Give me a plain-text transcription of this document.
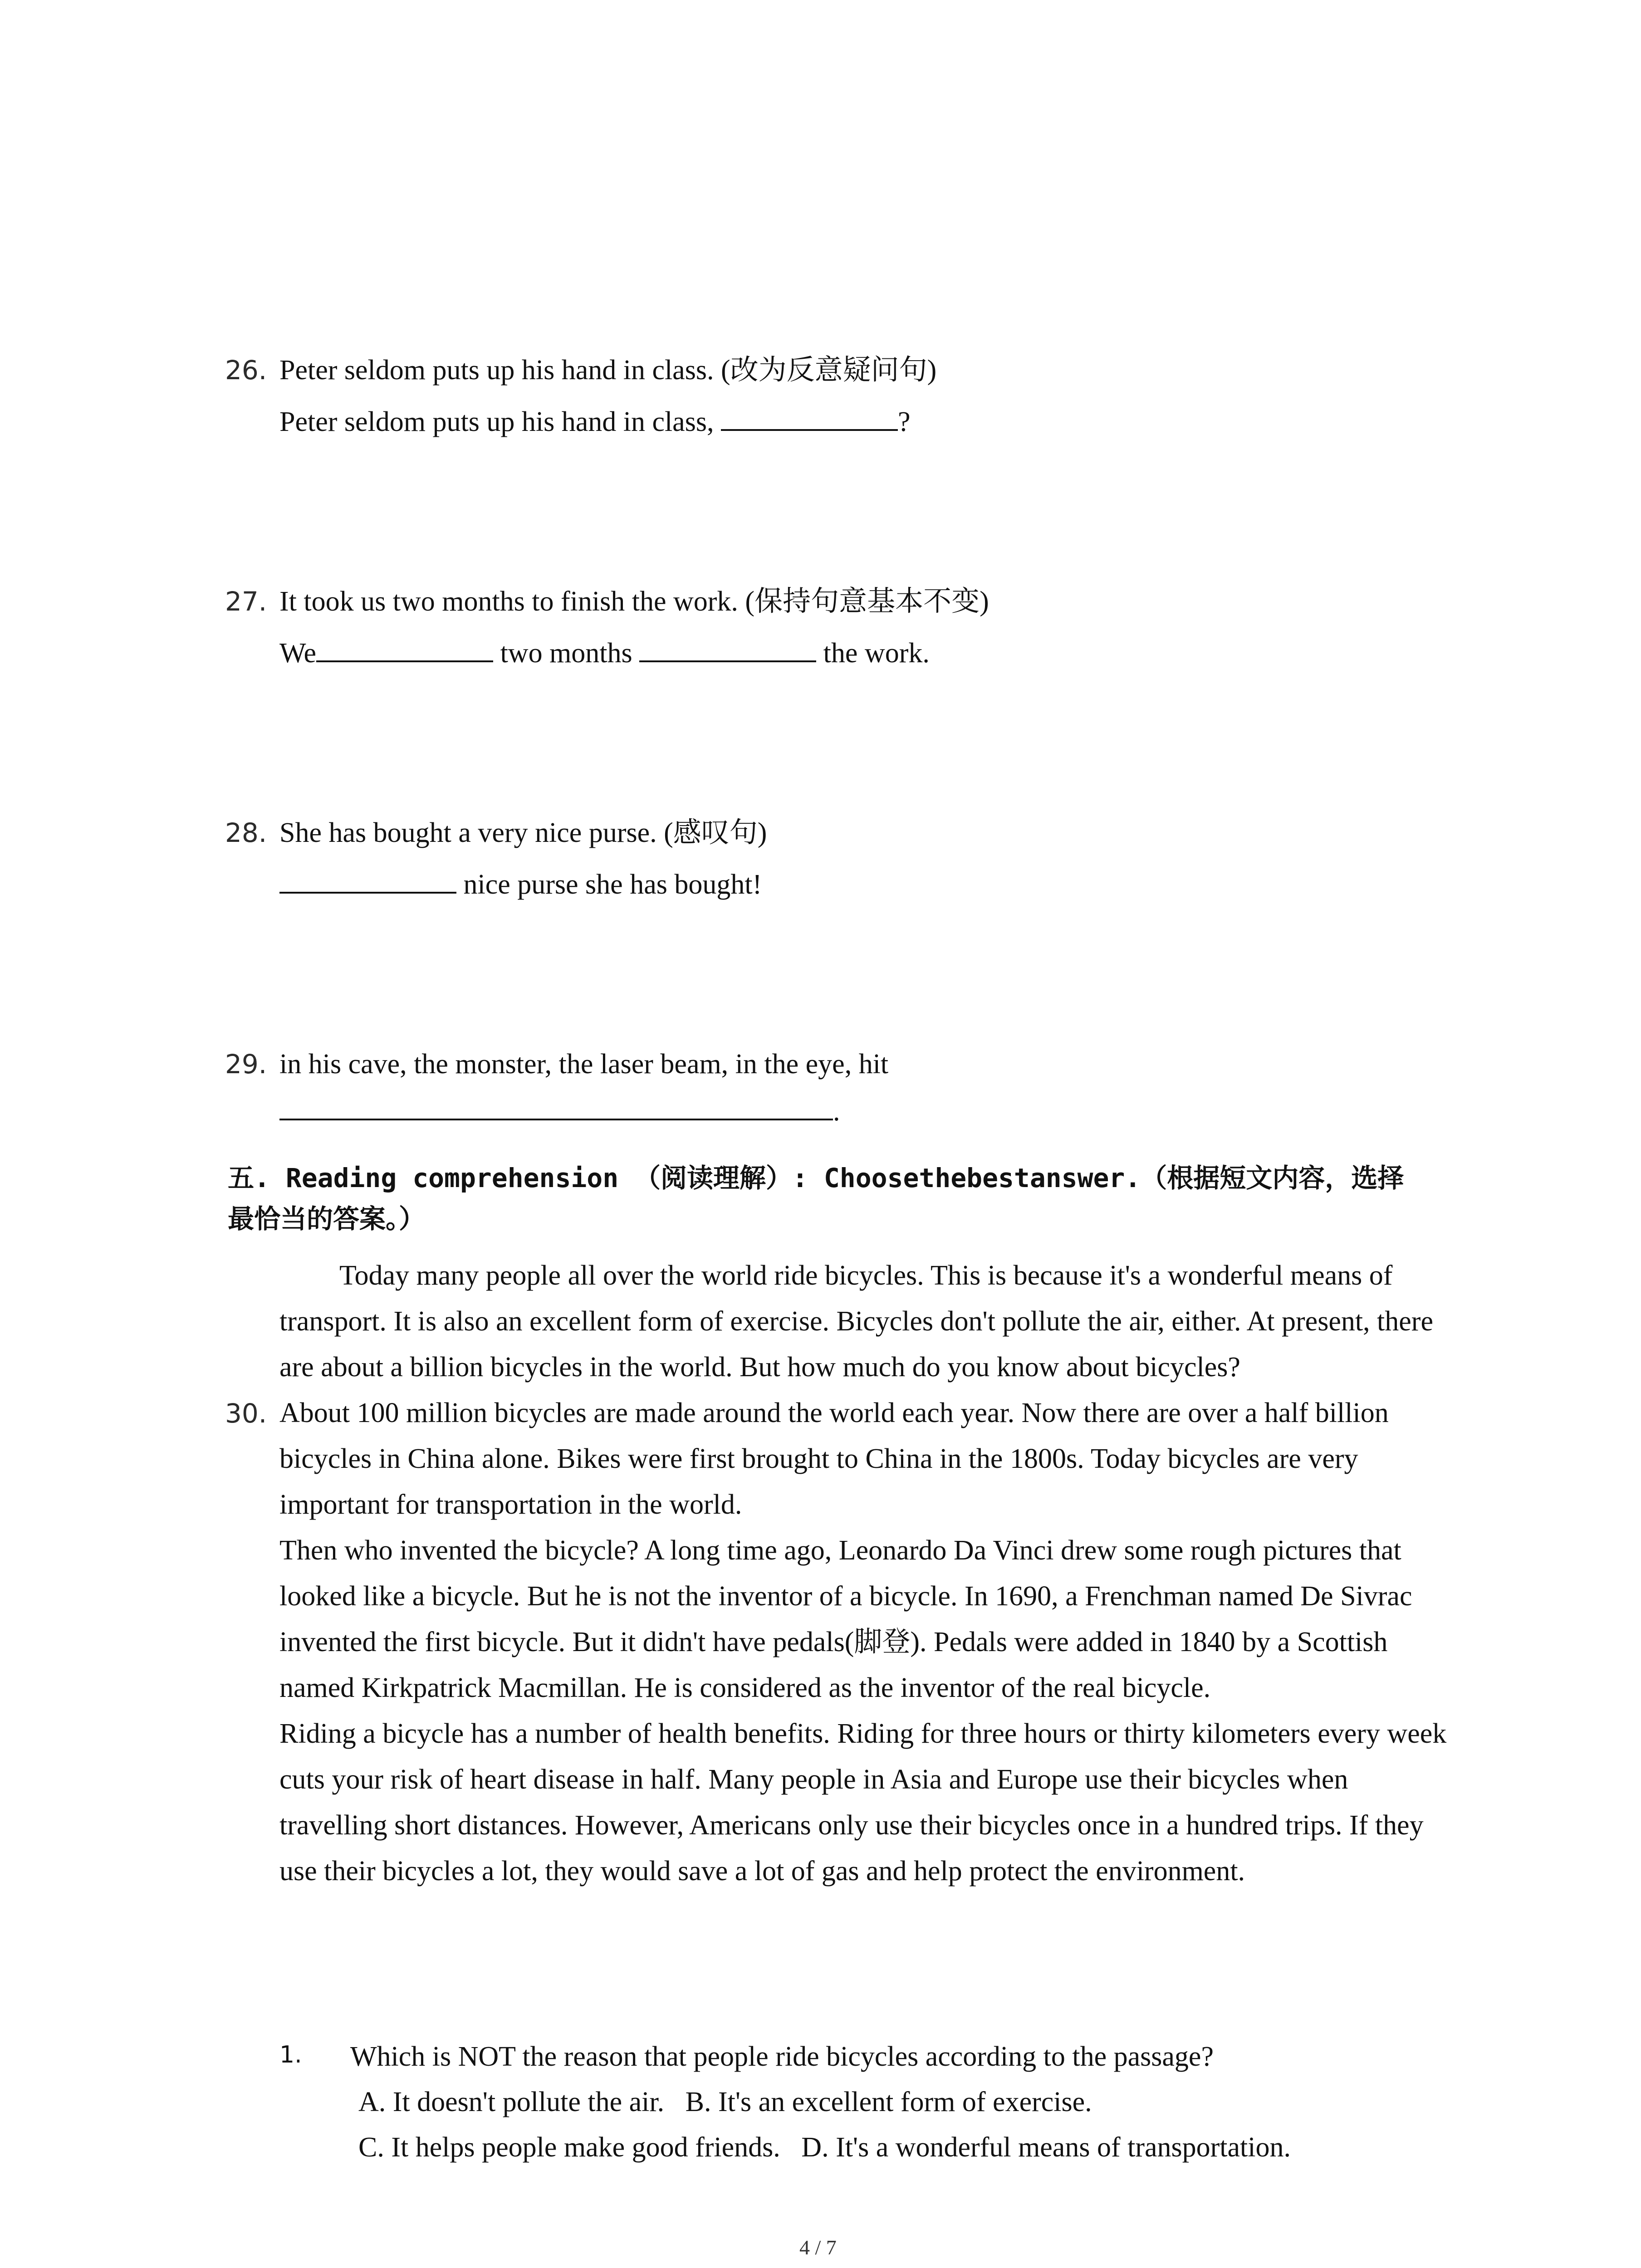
26. Peter seldom puts up his hand in class. (改为反意疑问句)
Peter seldom puts up his hand in class,	?
27. It took us two months to finish the work. (保持句意基本不变)
We	two months	the work.
28. She has bought a very nice purse. (感叹句)
nice purse she has bought!
29. in his cave, the monster, the laser beam, in the eye, hit
.
五. Reading comprehension （阅读理解）: Choosethebestanswer.（根据短文内容，选择
最恰当的答案。）
30.
Today many people all over the world ride bicycles. This is because it's a wonderful means of transport. It is also an excellent form of exercise. Bicycles don't pollute the air, either. At present, there are about a billion bicycles in the world. But how much do you know about bicycles?
About 100 million bicycles are made around the world each year. Now there are over a half billion bicycles in China alone. Bikes were first brought to China in the 1800s. Today bicycles are very important for transportation in the world.
Then who invented the bicycle? A long time ago, Leonardo Da Vinci drew some rough pictures that looked like a bicycle. But he is not the inventor of a bicycle. In 1690, a Frenchman named De Sivrac invented the first bicycle. But it didn't have pedals(脚登). Pedals were added in 1840 by a Scottish named Kirkpatrick Macmillan. He is considered as the inventor of the real bicycle.
Riding a bicycle has a number of health benefits. Riding for three hours or thirty kilometers every week cuts your risk of heart disease in half. Many people in Asia and Europe use their bicycles when travelling short distances. However, Americans only use their bicycles once in a hundred trips. If they use their bicycles a lot, they would save a lot of gas and help protect the environment.
1. Which is NOT the reason that people ride bicycles according to the passage?
A. It doesn't pollute the air.   B. It's an excellent form of exercise.
C. It helps people make good friends.   D. It's a wonderful means of transportation.
4 / 7
